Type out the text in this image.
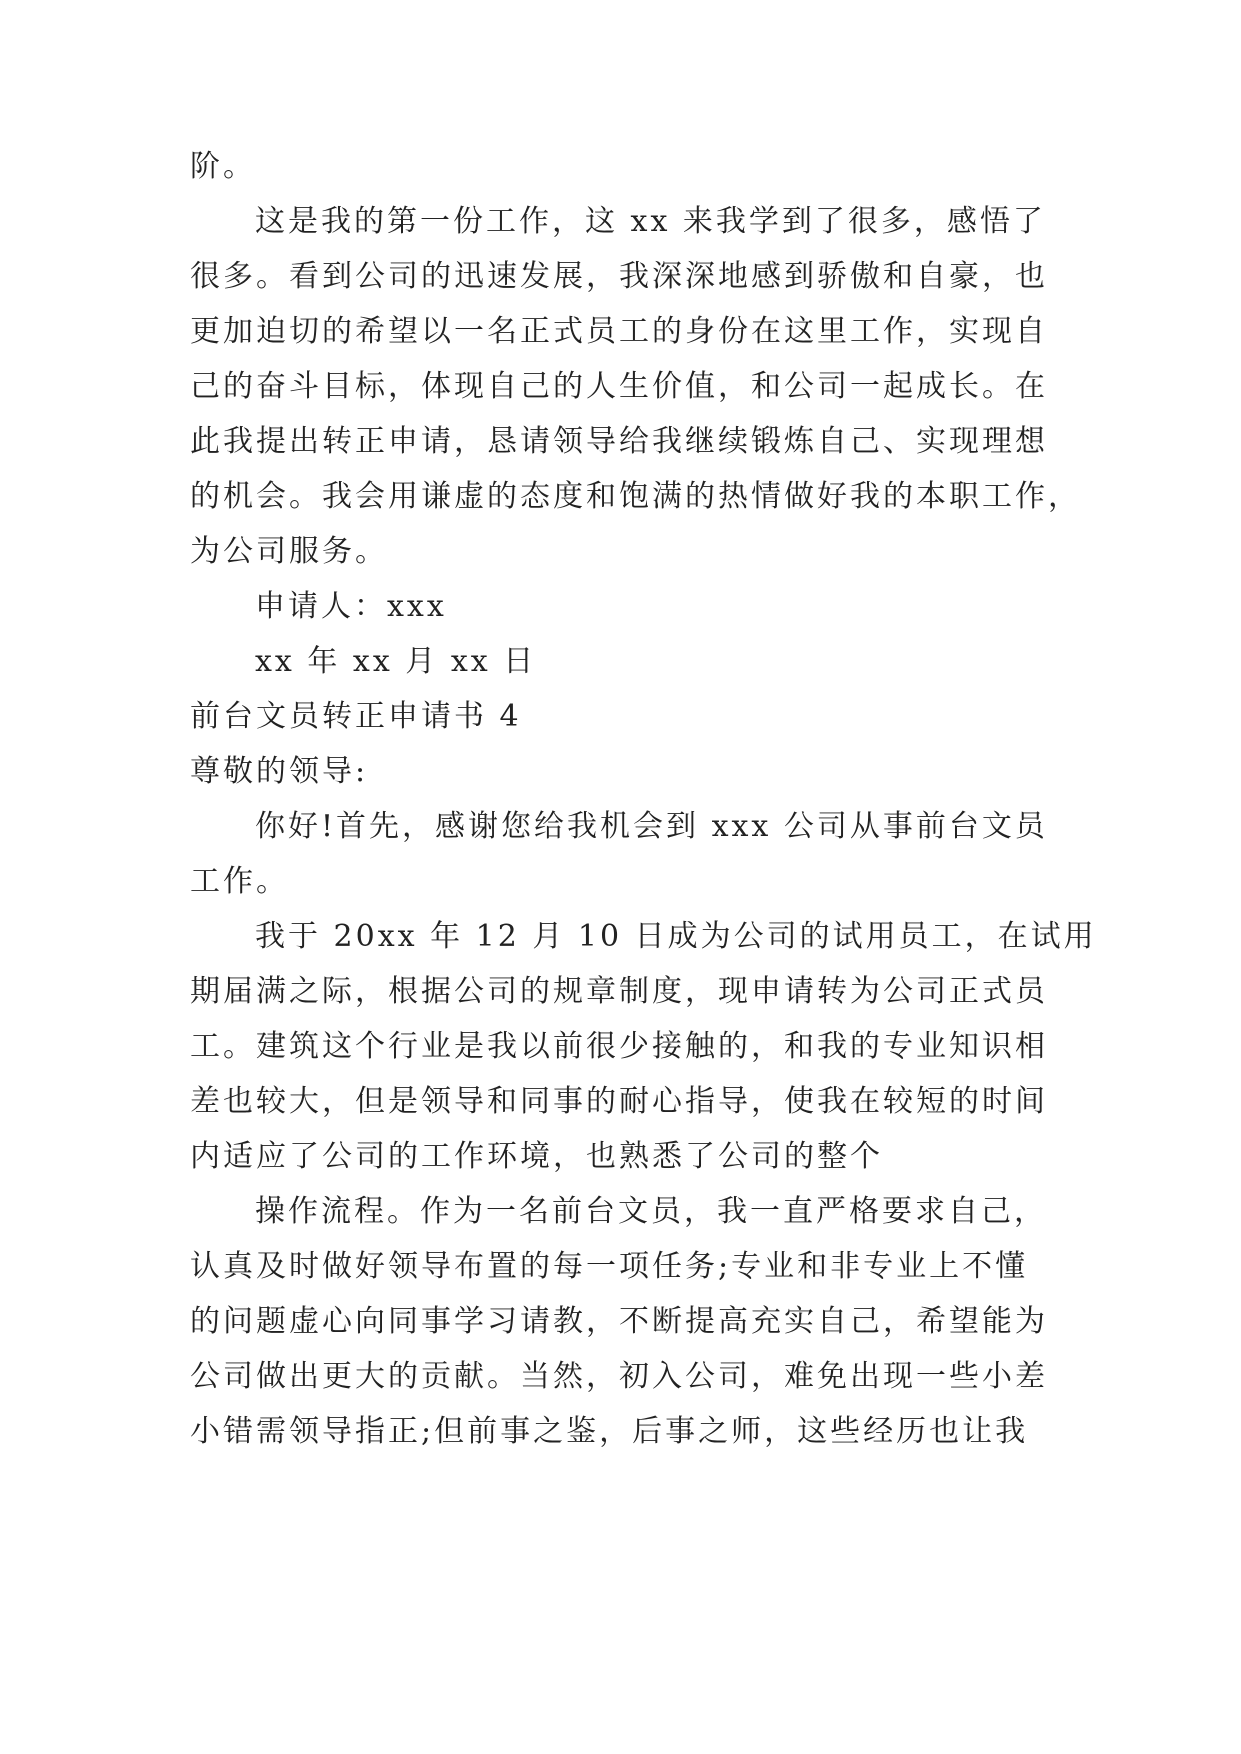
阶。
这是我的第一份工作，这 xx 来我学到了很多，感悟了
很多。看到公司的迅速发展，我深深地感到骄傲和自豪，也
更加迫切的希望以一名正式员工的身份在这里工作，实现自
己的奋斗目标，体现自己的人生价值，和公司一起成长。在
此我提出转正申请，恳请领导给我继续锻炼自己、实现理想
的机会。我会用谦虚的态度和饱满的热情做好我的本职工作，
为公司服务。
申请人：xxx
xx 年 xx 月 xx 日
前台文员转正申请书 4
尊敬的领导:
你好!首先，感谢您给我机会到 xxx 公司从事前台文员
工作。
我于 20xx 年 12 月 10 日成为公司的试用员工，在试用
期届满之际，根据公司的规章制度，现申请转为公司正式员
工。建筑这个行业是我以前很少接触的，和我的专业知识相
差也较大，但是领导和同事的耐心指导，使我在较短的时间
内适应了公司的工作环境，也熟悉了公司的整个
操作流程。作为一名前台文员，我一直严格要求自己，
认真及时做好领导布置的每一项任务;专业和非专业上不懂
的问题虚心向同事学习请教，不断提高充实自己，希望能为
公司做出更大的贡献。当然，初入公司，难免出现一些小差
小错需领导指正;但前事之鉴，后事之师，这些经历也让我
